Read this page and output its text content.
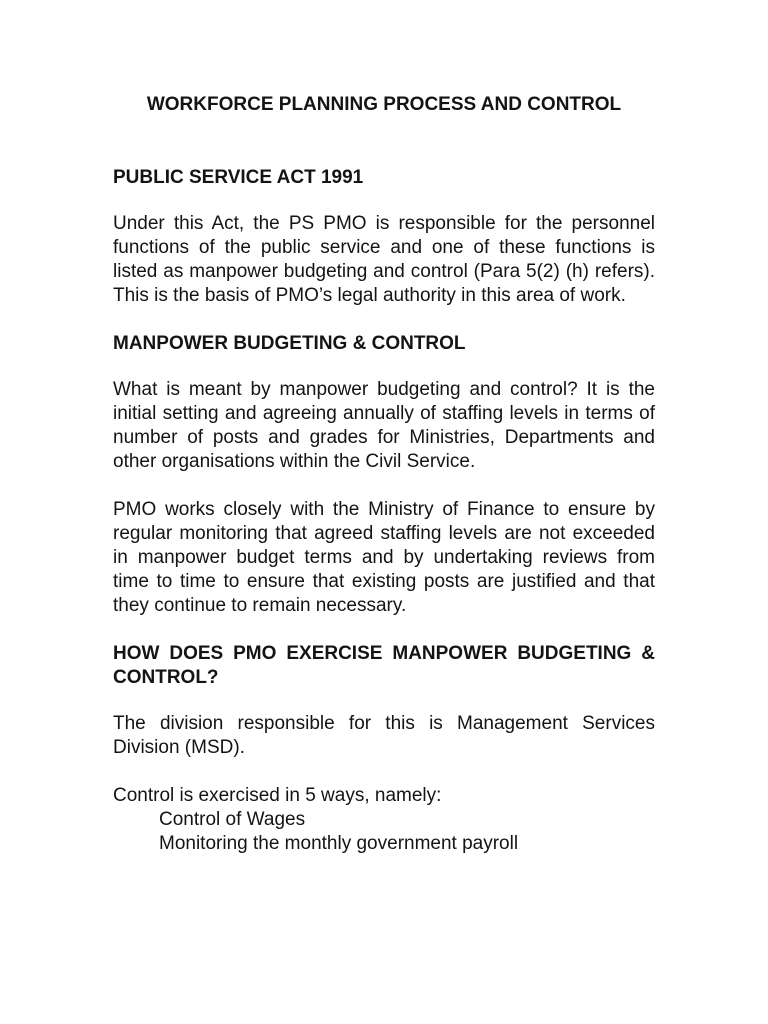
WORKFORCE PLANNING PROCESS AND CONTROL
PUBLIC SERVICE ACT 1991

Under this Act, the PS PMO is responsible for the personnel functions of the public service and one of these functions is listed as manpower budgeting and control (Para 5(2) (h) refers). This is the basis of PMO’s legal authority in this area of work.

MANPOWER BUDGETING & CONTROL

What is meant by manpower budgeting and control? It is the initial setting and agreeing annually of staffing levels in terms of number of posts and grades for Ministries, Departments and other organisations within the Civil Service.

PMO works closely with the Ministry of Finance to ensure by regular monitoring that agreed staffing levels are not exceeded in manpower budget terms and by undertaking reviews from time to time to ensure that existing posts are justified and that they continue to remain necessary.

HOW DOES PMO EXERCISE MANPOWER BUDGETING & CONTROL?

The division responsible for this is Management Services Division (MSD).

Control is exercised in 5 ways, namely:

Control of Wages

Monitoring the monthly government payroll
